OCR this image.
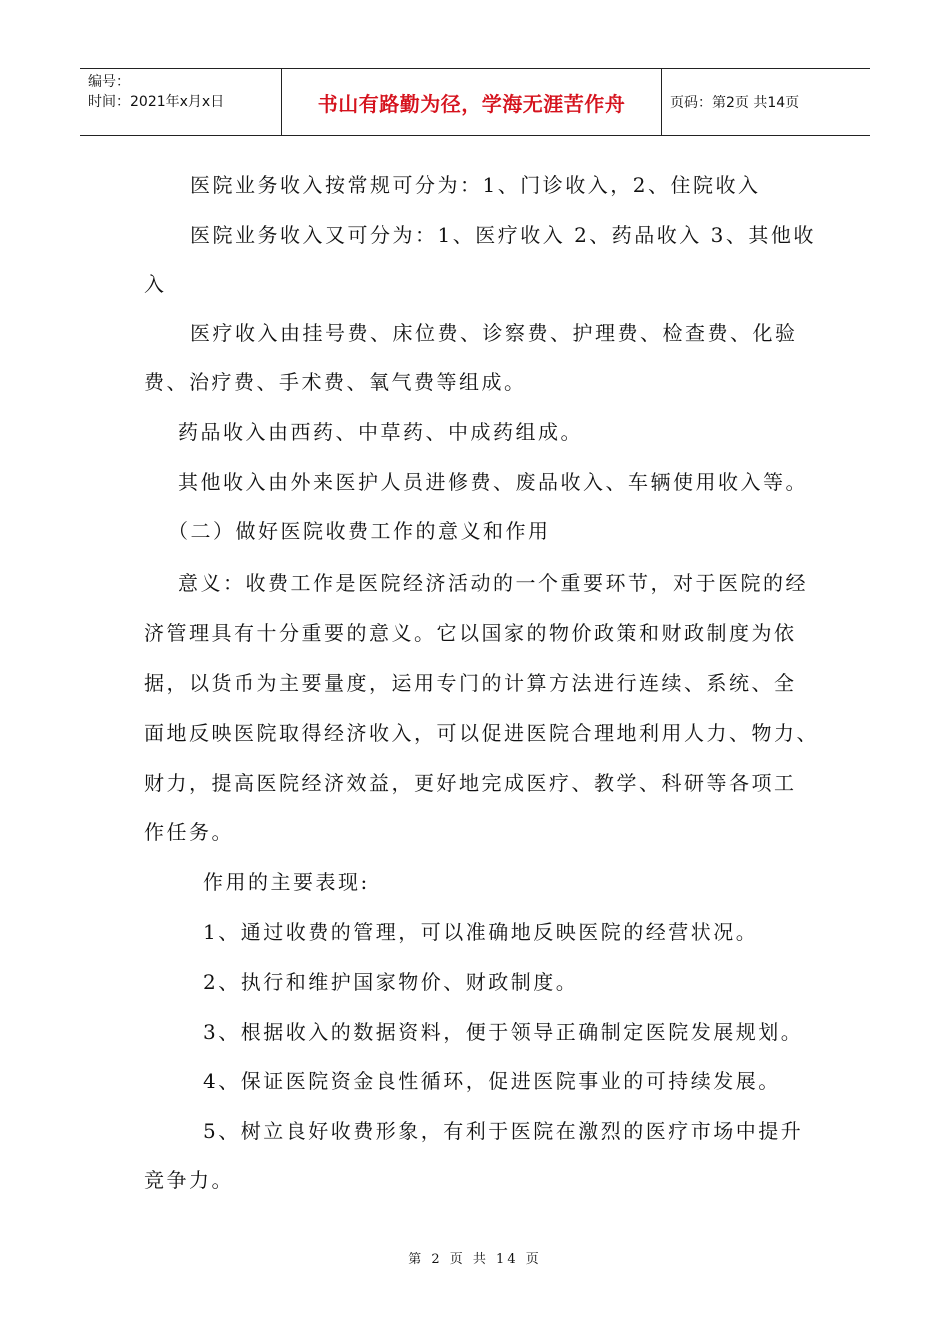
编号：
时间：2021年x月x日	书山有路勤为径，学海无涯苦作舟	页码：第2页 共14页
医院业务收入按常规可分为：1、门诊收入，2、住院收入
医院业务收入又可分为：1、医疗收入 2、药品收入 3、其他收
入
医疗收入由挂号费、床位费、诊察费、护理费、检查费、化验
费、治疗费、手术费、氧气费等组成。
药品收入由西药、中草药、中成药组成。
其他收入由外来医护人员进修费、废品收入、车辆使用收入等。
（二）做好医院收费工作的意义和作用
意义：收费工作是医院经济活动的一个重要环节，对于医院的经
济管理具有十分重要的意义。它以国家的物价政策和财政制度为依
据，以货币为主要量度，运用专门的计算方法进行连续、系统、全
面地反映医院取得经济收入，可以促进医院合理地利用人力、物力、
财力，提高医院经济效益，更好地完成医疗、教学、科研等各项工
作任务。
作用的主要表现:
1、通过收费的管理，可以准确地反映医院的经营状况。
2、执行和维护国家物价、财政制度。
3、根据收入的数据资料，便于领导正确制定医院发展规划。
4、保证医院资金良性循环，促进医院事业的可持续发展。
5、树立良好收费形象，有利于医院在激烈的医疗市场中提升
竞争力。
第 2 页 共 14 页
